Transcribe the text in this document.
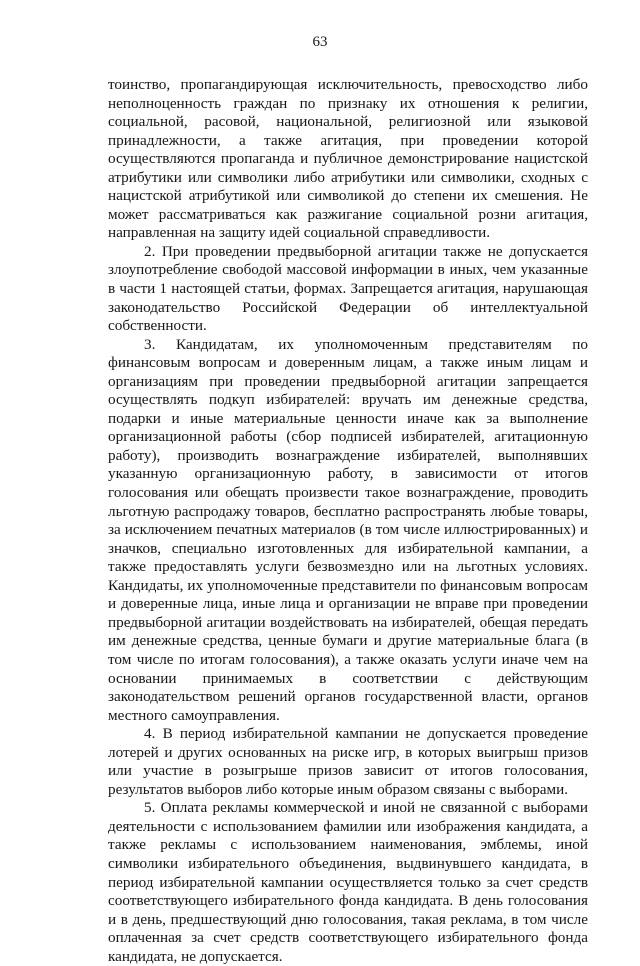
63

тоинство, пропагандирующая исключительность, превосходство либо неполноценность граждан по признаку их отношения к религии, социальной, расовой, национальной, религиозной или языковой принадлежности, а также агитация, при проведении которой осуществляются пропаганда и публичное демонстрирование нацистской атрибутики или символики либо атрибутики или символики, сходных с нацистской атрибутикой или символикой до степени их смешения. Не может рассматриваться как разжигание социальной розни агитация, направленная на защиту идей социальной справедливости.

2. При проведении предвыборной агитации также не допускается злоупотребление свободой массовой информации в иных, чем указанные в части 1 настоящей статьи, формах. Запрещается агитация, нарушающая законодательство Российской Федерации об интеллектуальной собственности.

3. Кандидатам, их уполномоченным представителям по финансовым вопросам и доверенным лицам, а также иным лицам и организациям при проведении предвыборной агитации запрещается осуществлять подкуп избирателей: вручать им денежные средства, подарки и иные материальные ценности иначе как за выполнение организационной работы (сбор подписей избирателей, агитационную работу), производить вознаграждение избирателей, выполнявших указанную организационную работу, в зависимости от итогов голосования или обещать произвести такое вознаграждение, проводить льготную распродажу товаров, бесплатно распространять любые товары, за исключением печатных материалов (в том числе иллюстрированных) и значков, специально изготовленных для избирательной кампании, а также предоставлять услуги безвозмездно или на льготных условиях. Кандидаты, их уполномоченные представители по финансовым вопросам и доверенные лица, иные лица и организации не вправе при проведении предвыборной агитации воздействовать на избирателей, обещая передать им денежные средства, ценные бумаги и другие материальные блага (в том числе по итогам голосования), а также оказать услуги иначе чем на основании принимаемых в соответствии с действующим законодательством решений органов государственной власти, органов местного самоуправления.

4. В период избирательной кампании не допускается проведение лотерей и других основанных на риске игр, в которых выигрыш призов или участие в розыгрыше призов зависит от итогов голосования, результатов выборов либо которые иным образом связаны с выборами.

5. Оплата рекламы коммерческой и иной не связанной с выборами деятельности с использованием фамилии или изображения кандидата, а также рекламы с использованием наименования, эмблемы, иной символики избирательного объединения, выдвинувшего кандидата, в период избирательной кампании осуществляется только за счет средств соответствующего избирательного фонда кандидата. В день голосования и в день, предшествующий дню голосования, такая реклама, в том числе оплаченная за счет средств соответствующего избирательного фонда кандидата, не допускается.
